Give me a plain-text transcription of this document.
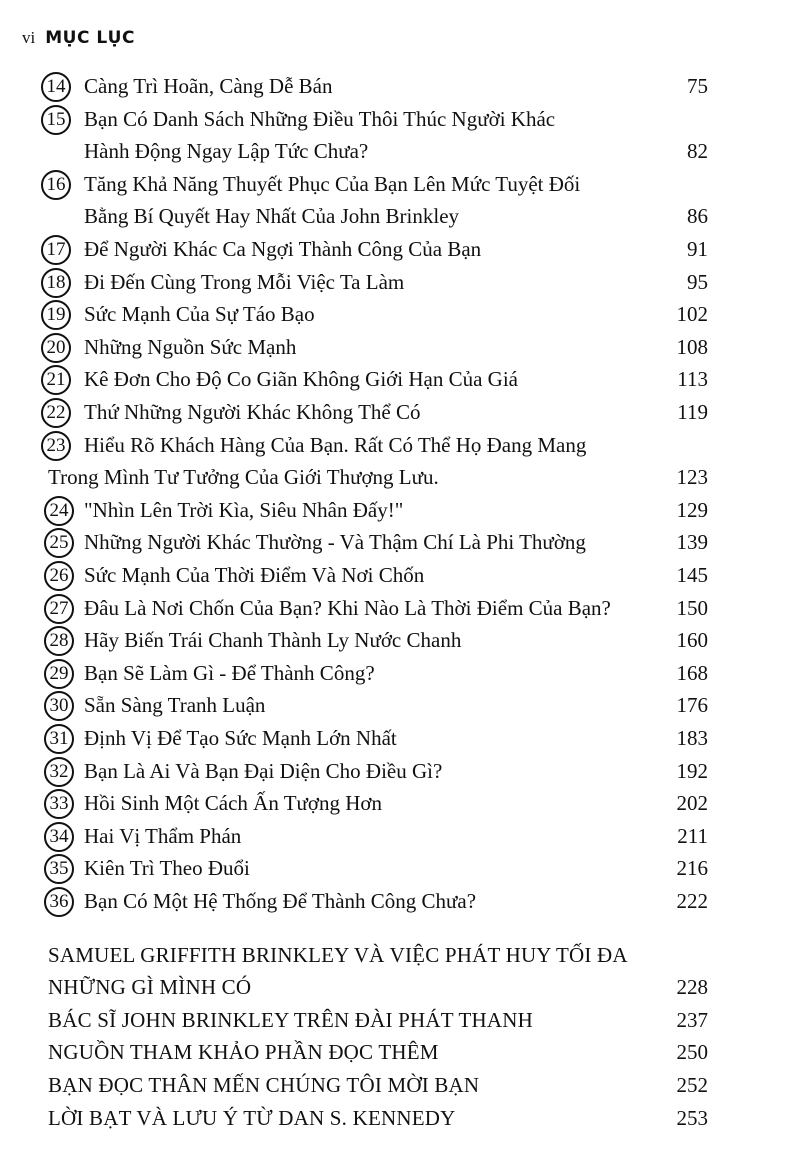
vi MỤC LỤC
14 Càng Trì Hoãn, Càng Dễ Bán	75
15 Bạn Có Danh Sách Những Điều Thôi Thúc Người Khác
Hành Động Ngay Lập Tức Chưa?	82
16 Tăng Khả Năng Thuyết Phục Của Bạn Lên Mức Tuyệt Đối
Bằng Bí Quyết Hay Nhất Của John Brinkley	86
17 Để Người Khác Ca Ngợi Thành Công Của Bạn	91
18 Đi Đến Cùng Trong Mỗi Việc Ta Làm	95
19 Sức Mạnh Của Sự Táo Bạo	102
20 Những Nguồn Sức Mạnh	108
21 Kê Đơn Cho Độ Co Giãn Không Giới Hạn Của Giá	113
22 Thứ Những Người Khác Không Thể Có	119
23 Hiểu Rõ Khách Hàng Của Bạn. Rất Có Thể Họ Đang Mang
Trong Mình Tư Tưởng Của Giới Thượng Lưu.	123
24 "Nhìn Lên Trời Kìa, Siêu Nhân Đấy!"	129
25 Những Người Khác Thường - Và Thậm Chí Là Phi Thường	139
26 Sức Mạnh Của Thời Điểm Và Nơi Chốn	145
27 Đâu Là Nơi Chốn Của Bạn? Khi Nào Là Thời Điểm Của Bạn?	150
28 Hãy Biến Trái Chanh Thành Ly Nước Chanh	160
29 Bạn Sẽ Làm Gì - Để Thành Công?	168
30 Sẵn Sàng Tranh Luận	176
31 Định Vị Để Tạo Sức Mạnh Lớn Nhất	183
32 Bạn Là Ai Và Bạn Đại Diện Cho Điều Gì?	192
33 Hồi Sinh Một Cách Ấn Tượng Hơn	202
34 Hai Vị Thẩm Phán	211
35 Kiên Trì Theo Đuổi	216
36 Bạn Có Một Hệ Thống Để Thành Công Chưa?	222
SAMUEL GRIFFITH BRINKLEY VÀ VIỆC PHÁT HUY TỐI ĐA
NHỮNG GÌ MÌNH CÓ	228
BÁC SĨ JOHN BRINKLEY TRÊN ĐÀI PHÁT THANH	237
NGUỒN THAM KHẢO PHẦN ĐỌC THÊM	250
BẠN ĐỌC THÂN MẾN CHÚNG TÔI MỜI BẠN	252
LỜI BẠT VÀ LƯU Ý TỪ DAN S. KENNEDY	253
